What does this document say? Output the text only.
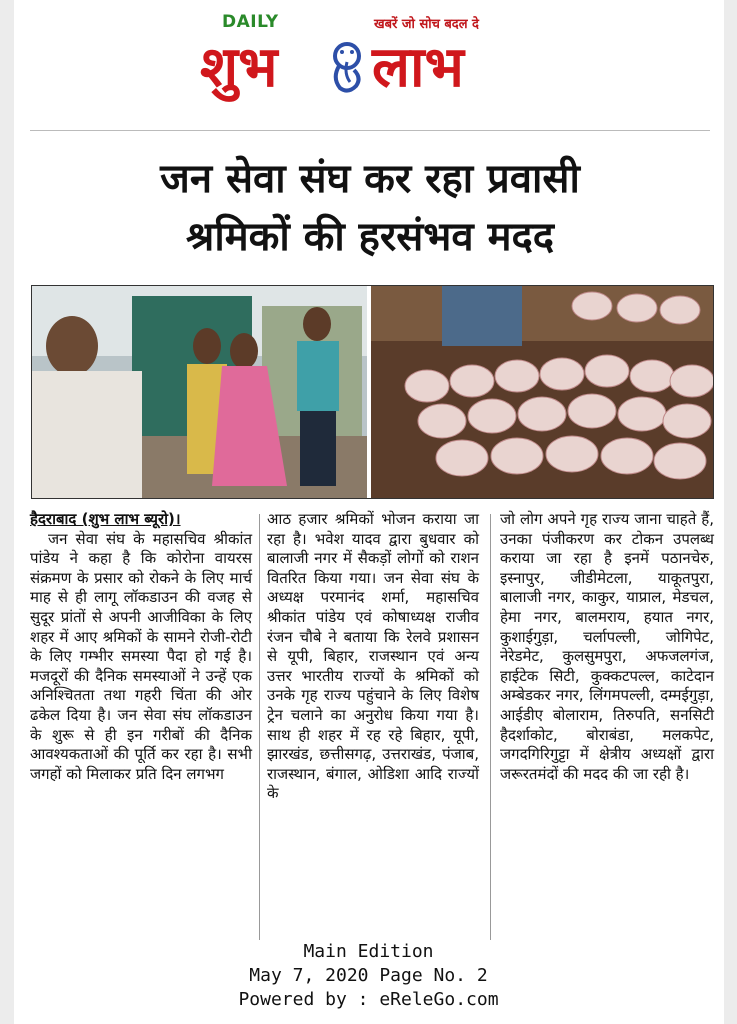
DAILY	खबरें जो सोच बदल दे
शुभ लाभ
जन सेवा संघ कर रहा प्रवासी
श्रमिकों की हरसंभव मदद
हैदराबाद (शुभ लाभ ब्यूरो)।

जन सेवा संघ के महासचिव श्रीकांत पांडेय ने कहा है कि कोरोना वायरस संक्रमण के प्रसार को रोकने के लिए मार्च माह से ही लागू लॉकडाउन की वजह से सुदूर प्रांतों से अपनी आजीविका के लिए शहर में आए श्रमिकों के सामने रोजी-रोटी के लिए गम्भीर समस्या पैदा हो गई है। मजदूरों की दैनिक समस्याओं ने उन्हें एक अनिश्चितता तथा गहरी चिंता की ओर ढकेल दिया है। जन सेवा संघ लॉकडाउन के शुरू से ही इन गरीबों की दैनिक आवश्यकताओं की पूर्ति कर रहा है। सभी जगहों को मिलाकर प्रति दिन लगभग

आठ हजार श्रमिकों भोजन कराया जा रहा है। भवेश यादव द्वारा बुधवार को बालाजी नगर में सैकड़ों लोगों को राशन वितरित किया गया। जन सेवा संघ के अध्यक्ष परमानंद शर्मा, महासचिव श्रीकांत पांडेय एवं कोषाध्यक्ष राजीव रंजन चौबे ने बताया कि रेलवे प्रशासन से यूपी, बिहार, राजस्थान एवं अन्य उत्तर भारतीय राज्यों के श्रमिकों को उनके गृह राज्य पहुंचाने के लिए विशेष ट्रेन चलाने का अनुरोध किया गया है। साथ ही शहर में रह रहे बिहार, यूपी, झारखंड, छत्तीसगढ़, उत्तराखंड, पंजाब, राजस्थान, बंगाल, ओडिशा आदि राज्यों के

जो लोग अपने गृह राज्य जाना चाहते हैं, उनका पंजीकरण कर टोकन उपलब्ध कराया जा रहा है इनमें पठानचेरु, इस्नापुर, जीडीमेटला, याकूतपुरा, बालाजी नगर, काकुर, याप्राल, मेडचल, हेमा नगर, बालमराय, हयात नगर, कुशाईगुड़ा, चर्लापल्ली, जोगिपेट, नेरेडमेट, कुलसुमपुरा, अफजलगंज, हाईटेक सिटी, कुक्कटपल्ल, काटेदान अम्बेडकर नगर, लिंगमपल्ली, दम्मईगुड़ा, आईडीए बोलाराम, तिरुपति, सनसिटी हैदर्शाकोट, बोराबंडा, मलकपेट, जगदगिरिगुट्टा में क्षेत्रीय अध्यक्षों द्वारा जरूरतमंदों की मदद की जा रही है।

Main Edition
May 7, 2020 Page No. 2
Powered by : eReleGo.com
